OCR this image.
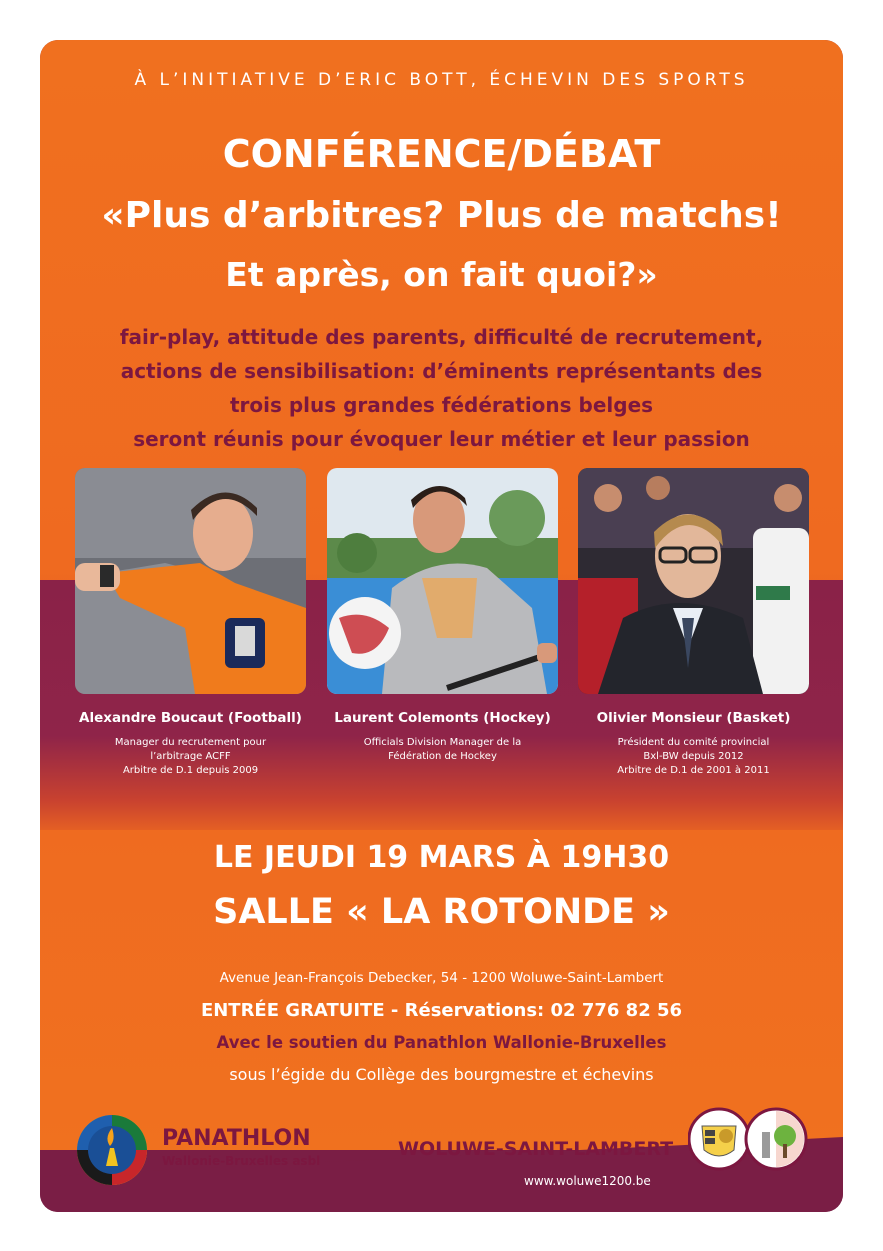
À L’INITIATIVE D’ERIC BOTT, ÉCHEVIN DES SPORTS
CONFÉRENCE/DÉBAT
«Plus d’arbitres? Plus de matchs!
Et après, on fait quoi?»
fair-play, attitude des parents, difficulté de recrutement,
actions de sensibilisation: d’éminents représentants des
trois plus grandes fédérations belges
seront réunis pour évoquer leur métier et leur passion
Alexandre Boucaut (Football)
Manager du recrutement pour
l’arbitrage ACFF
Arbitre de D.1 depuis 2009
Laurent Colemonts (Hockey)
Officials Division Manager de la
Fédération de Hockey
Olivier Monsieur (Basket)
Président du comité provincial
Bxl-BW depuis 2012
Arbitre de D.1 de 2001 à 2011
LE JEUDI 19 MARS À 19H30
SALLE « LA ROTONDE »
Avenue Jean-François Debecker, 54 - 1200 Woluwe-Saint-Lambert
ENTRÉE GRATUITE - Réservations: 02 776 82 56
Avec le soutien du Panathlon Wallonie-Bruxelles
sous l’égide du Collège des bourgmestre et échevins
PANATHLON
Wallonie-Bruxelles asbl
WOLUWE-SAINT-LAMBERT
www.woluwe1200.be
